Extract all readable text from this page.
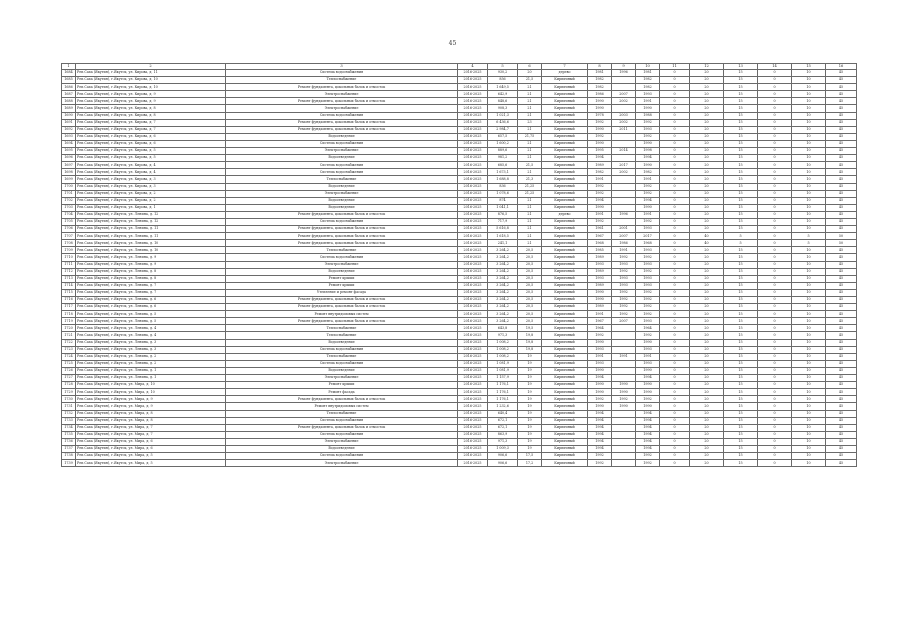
45
1	2	3	4	5	6	7	8	9	10	11	12	13	14	15	16
1684	Реп.Саха (Якутия), г.Якутск, ул. Кирова, д. 11	Система водоснабжения	2016-2025	930,2	20	дерево	1981	1996	1981	0	20	15	0	10	45
1685	Реп.Саха (Якутия), г.Якутск, ул. Кирова, д. 10	Теплоснабжение	2016-2025	856	21,5	Кирпичный	1982		1982	0	20	15	0	10	45
1686	Реп.Саха (Якутия), г.Якутск, ул. Кирова, д. 10	Ремонт фундамента, цокольных балок и отмосток	2016-2025	1 649,5	21	Кирпичный	1982		1982	0	20	15	0	10	45
1687	Реп.Саха (Якутия), г.Якутск, ул. Кирова, д. 9	Электроснабжение	2016-2025	642,9	21	Кирпичный	1986	2007	1993	0	20	15	0	10	45
1688	Реп.Саха (Якутия), г.Якутск, ул. Кирова, д. 9	Ремонт фундамента, цокольных балок и отмосток	2016-2025	848,6	21	Кирпичный	1990	2002	1991	0	20	15	0	10	45
1689	Реп.Саха (Якутия), г.Якутск, ул. Кирова, д. 8	Электроснабжение	2016-2025	908,3	21	Кирпичный	1990		1990	0	20	15	0	10	45
1690	Реп.Саха (Якутия), г.Якутск, ул. Кирова, д. 8	Система водоснабжения	2016-2025	1 021,3	21	Кирпичный	1978	2003	1988	0	20	15	0	10	45
1691	Реп.Саха (Якутия), г.Якутск, ул. Кирова, д. 7	Ремонт фундамента, цокольных балок и отмосток	2016-2025	6 436,6	23	Кирпичный	1992	2002	1992	0	20	15	0	10	45
1692	Реп.Саха (Якутия), г.Якутск, ул. Кирова, д. 7	Ремонт фундамента, цокольных балок и отмосток	2016-2025	2 984,7	21	Кирпичный	1990	2011	1993	0	20	15	0	10	45
1693	Реп.Саха (Якутия), г.Якутск, ул. Кирова, д. 6	Водоотведение	2016-2025	657,5	21,75	Кирпичный	1992		1992	0	20	15	0	10	45
1694	Реп.Саха (Якутия), г.Якутск, ул. Кирова, д. 6	Система водоснабжения	2016-2025	1 600,2	21	Кирпичный	1990		1990	0	20	15	0	10	45
1695	Реп.Саха (Якутия), г.Якутск, ул. Кирова, д. 5	Электроснабжение	2016-2025	889,6	21	Кирпичный	1995	2014	1998	0	20	15	0	10	45
1696	Реп.Саха (Якутия), г.Якутск, ул. Кирова, д. 5	Водоотведение	2016-2025	981,2	21	Кирпичный	1994		1994	0	20	15	0	10	45
1697	Реп.Саха (Якутия), г.Якутск, ул. Кирова, д. 4	Система водоснабжения	2016-2025	685,6	21,5	Кирпичный	1989	2017	1990	0	20	15	0	10	45
1698	Реп.Саха (Якутия), г.Якутск, ул. Кирова, д. 4	Система водоснабжения	2016-2025	1 673,1	21	Кирпичный	1982	2002	1982	0	20	15	0	10	45
1699	Реп.Саха (Якутия), г.Якутск, ул. Кирова, д. 3	Теплоснабжение	2016-2025	1 688,8	21,3	Кирпичный	1991		1991	0	20	15	0	10	45
1700	Реп.Саха (Якутия), г.Якутск, ул. Кирова, д. 3	Водоотведение	2016-2025	836	21,25	Кирпичный	1992		1992	0	20	15	0	10	45
1701	Реп.Саха (Якутия), г.Якутск, ул. Кирова, д. 2	Электроснабжение	2016-2025	1 078,6	21,25	Кирпичный	1992		1992	0	20	15	0	10	45
1702	Реп.Саха (Якутия), г.Якутск, ул. Кирова, д. 2	Водоотведение	2016-2025	874	21	Кирпичный	1994		1994	0	20	15	0	10	45
1703	Реп.Саха (Якутия), г.Якутск, ул. Кирова, д. 1	Водоотведение	2016-2025	1 041,1	21	Кирпичный	1990		1990	0	20	15	0	10	45
1704	Реп.Саха (Якутия), г.Якутск, ул. Ленина, д. 12	Ремонт фундамента, цокольных балок и отмосток	2016-2025	876,5	21	дерево	1991	1996	1991	0	20	15	0	10	45
1705	Реп.Саха (Якутия), г.Якутск, ул. Ленина, д. 12	Система водоснабжения	2016-2025	717,9	21	Кирпичный	1992		1992	0	20	15	0	10	45
1706	Реп.Саха (Якутия), г.Якутск, ул. Ленина, д. 11	Ремонт фундамента, цокольных балок и отмосток	2016-2025	5 616,8	21	Кирпичный	1961	2001	1993	0	20	15	0	10	45
1707	Реп.Саха (Якутия), г.Якутск, ул. Ленина, д. 11	Ремонт фундамента, цокольных балок и отмосток	2016-2025	1 618,5	21	Кирпичный	1967	2007	2017	0	40	5	0	5	50
1708	Реп.Саха (Якутия), г.Якутск, ул. Ленина, д. 10	Ремонт фундамента, цокольных балок и отмосток	2016-2025	241,1	21	Кирпичный	1968	1986	1968	0	40	5	0	5	50
1709	Реп.Саха (Якутия), г.Якутск, ул. Ленина, д. 10	Теплоснабжение	2016-2025	3 264,2	20,5	Кирпичный	1985	1991	1993	0	20	15	0	10	45
1710	Реп.Саха (Якутия), г.Якутск, ул. Ленина, д. 9	Система водоснабжения	2016-2025	3 264,2	20,5	Кирпичный	1989	1992	1992	0	20	15	0	10	45
1711	Реп.Саха (Якутия), г.Якутск, ул. Ленина, д. 9	Электроснабжение	2016-2025	3 264,2	20,5	Кирпичный	1993	1993	1993	0	20	15	0	10	45
1712	Реп.Саха (Якутия), г.Якутск, ул. Ленина, д. 8	Водоотведение	2016-2025	3 264,2	20,5	Кирпичный	1989	1992	1992	0	20	15	0	10	45
1713	Реп.Саха (Якутия), г.Якутск, ул. Ленина, д. 8	Ремонт крыши	2016-2025	3 264,2	20,5	Кирпичный	1993	1993	1993	0	20	15	0	10	45
1714	Реп.Саха (Якутия), г.Якутск, ул. Ленина, д. 7	Ремонт крыши	2016-2025	3 264,2	20,5	Кирпичный	1989	1993	1993	0	20	15	0	10	45
1715	Реп.Саха (Якутия), г.Якутск, ул. Ленина, д. 7	Утепление и ремонт фасада	2016-2025	3 264,2	20,5	Кирпичный	1990	1992	1992	0	20	15	0	10	45
1716	Реп.Саха (Якутия), г.Якутск, ул. Ленина, д. 6	Ремонт фундамента, цокольных балок и отмосток	2016-2025	3 264,2	20,5	Кирпичный	1990	1992	1992	0	20	15	0	10	45
1717	Реп.Саха (Якутия), г.Якутск, ул. Ленина, д. 6	Ремонт фундамента, цокольных балок и отмосток	2016-2025	3 264,2	20,5	Кирпичный	1989	1992	1992	0	20	15	0	10	45
1718	Реп.Саха (Якутия), г.Якутск, ул. Ленина, д. 5	Ремонт внутридомовых систем	2016-2025	3 264,2	20,5	Кирпичный	1991	1992	1992	0	20	15	0	10	45
1719	Реп.Саха (Якутия), г.Якутск, ул. Ленина, д. 5	Ремонт фундамента, цокольных балок и отмосток	2016-2025	3 264,2	20,5	Кирпичный	1967	2007	1993	0	20	15	0	10	45
1720	Реп.Саха (Якутия), г.Якутск, ул. Ленина, д. 4	Теплоснабжение	2016-2025	643,8	19,5	Кирпичный	1964		1964	0	20	15	0	10	45
1721	Реп.Саха (Якутия), г.Якутск, ул. Ленина, д. 4	Теплоснабжение	2016-2025	971,3	19,8	Кирпичный	1992		1992	0	20	15	0	10	45
1722	Реп.Саха (Якутия), г.Якутск, ул. Ленина, д. 3	Водоотведение	2016-2025	1 008,2	19,8	Кирпичный	1990		1990	0	20	15	0	10	45
1723	Реп.Саха (Якутия), г.Якутск, ул. Ленина, д. 3	Система водоснабжения	2016-2025	1 008,2	19,8	Кирпичный	1993		1993	0	20	15	0	10	45
1724	Реп.Саха (Якутия), г.Якутск, ул. Ленина, д. 2	Теплоснабжение	2016-2025	1 008,2	19	Кирпичный	1991	1991	1991	0	20	15	0	10	45
1725	Реп.Саха (Якутия), г.Якутск, ул. Ленина, д. 2	Система водоснабжения	2016-2025	1 081,9	19	Кирпичный	1993		1993	0	20	15	0	10	45
1726	Реп.Саха (Якутия), г.Якутск, ул. Ленина, д. 1	Водоотведение	2016-2025	1 081,9	19	Кирпичный	1990		1990	0	20	15	0	10	45
1727	Реп.Саха (Якутия), г.Якутск, ул. Ленина, д. 1	Электроснабжение	2016-2025	1 157,9	19	Кирпичный	1994		1994	0	20	15	0	10	45
1728	Реп.Саха (Якутия), г.Якутск, ул. Мира, д. 10	Ремонт крыши	2016-2025	1 176,1	19	Кирпичный	1990	1990	1990	0	20	15	0	10	45
1729	Реп.Саха (Якутия), г.Якутск, ул. Мира, д. 10	Ремонт фасада	2016-2025	1 176,1	19	Кирпичный	1990	1990	1990	0	20	15	0	10	45
1730	Реп.Саха (Якутия), г.Якутск, ул. Мира, д. 9	Ремонт фундамента, цокольных балок и отмосток	2016-2025	1 176,1	19	Кирпичный	1992	1992	1992	0	20	15	0	10	45
1731	Реп.Саха (Якутия), г.Якутск, ул. Мира, д. 9	Ремонт внутридомовых систем	2016-2025	1 232,6	19	Кирпичный	1990	1990	1990	0	20	15	0	10	45
1732	Реп.Саха (Якутия), г.Якутск, ул. Мира, д. 8	Теплоснабжение	2016-2025	640,4	19	Кирпичный	1994		1994	0	20	15	0	10	45
1733	Реп.Саха (Якутия), г.Якутск, ул. Мира, д. 8	Система водоснабжения	2016-2025	672,1	19	Кирпичный	1994		1994	0	20	15	0	10	45
1734	Реп.Саха (Якутия), г.Якутск, ул. Мира, д. 7	Ремонт фундамента, цокольных балок и отмосток	2016-2025	672,1	19	Кирпичный	1994		1994	0	20	15	0	10	45
1735	Реп.Саха (Якутия), г.Якутск, ул. Мира, д. 7	Система водоснабжения	2016-2025	863,9	19	Кирпичный	1994		1994	0	20	15	0	10	45
1736	Реп.Саха (Якутия), г.Якутск, ул. Мира, д. 6	Электроснабжение	2016-2025	971,3	19	Кирпичный	1994		1994	0	20	15	0	10	45
1737	Реп.Саха (Якутия), г.Якутск, ул. Мира, д. 6	Водоотведение	2016-2025	1 009,3	19	Кирпичный	1994		1994	0	20	15	0	10	45
1738	Реп.Саха (Якутия), г.Якутск, ул. Мира, д. 5	Система водоснабжения	2016-2025	906,6	17,5	Кирпичный	1992		1992	0	20	15	0	10	45
1739	Реп.Саха (Якутия), г.Якутск, ул. Мира, д. 5	Электроснабжение	2016-2025	906,6	17,2	Кирпичный	1992		1992	0	20	15	0	10	45
